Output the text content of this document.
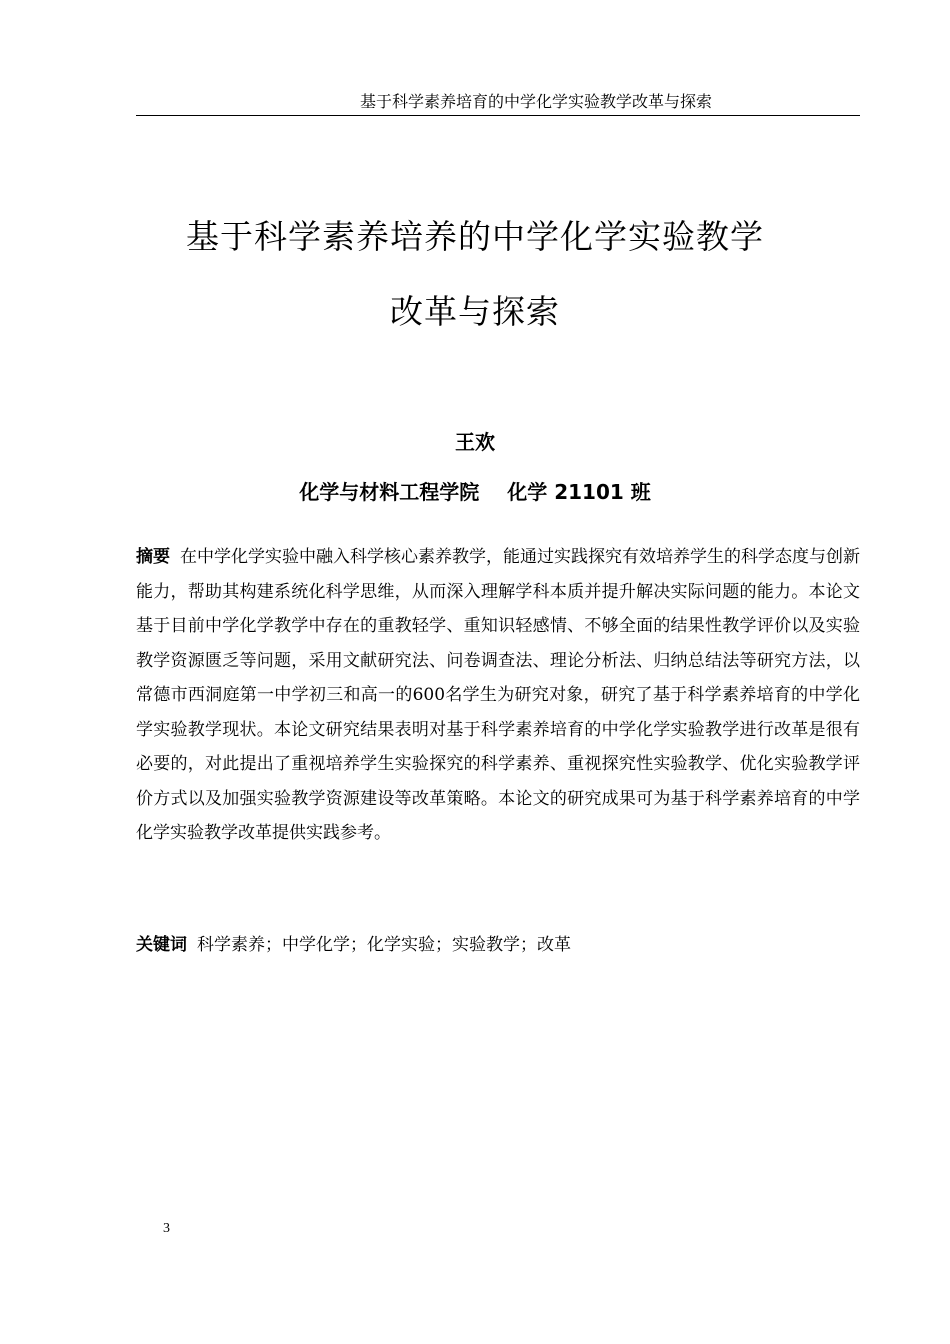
基于科学素养培育的中学化学实验教学改革与探索
基于科学素养培养的中学化学实验教学
改革与探索
王欢
化学与材料工程学院 化学 21101 班
摘要 在中学化学实验中融入科学核心素养教学，能通过实践探究有效培养学生的科学态度与创新能力，帮助其构建系统化科学思维，从而深入理解学科本质并提升解决实际问题的能力。本论文基于目前中学化学教学中存在的重教轻学、重知识轻感情、不够全面的结果性教学评价以及实验教学资源匮乏等问题，采用文献研究法、问卷调查法、理论分析法、归纳总结法等研究方法，以常德市西洞庭第一中学初三和高一的600名学生为研究对象，研究了基于科学素养培育的中学化学实验教学现状。本论文研究结果表明对基于科学素养培育的中学化学实验教学进行改革是很有必要的，对此提出了重视培养学生实验探究的科学素养、重视探究性实验教学、优化实验教学评价方式以及加强实验教学资源建设等改革策略。本论文的研究成果可为基于科学素养培育的中学化学实验教学改革提供实践参考。
关键词 科学素养；中学化学；化学实验；实验教学；改革
3
